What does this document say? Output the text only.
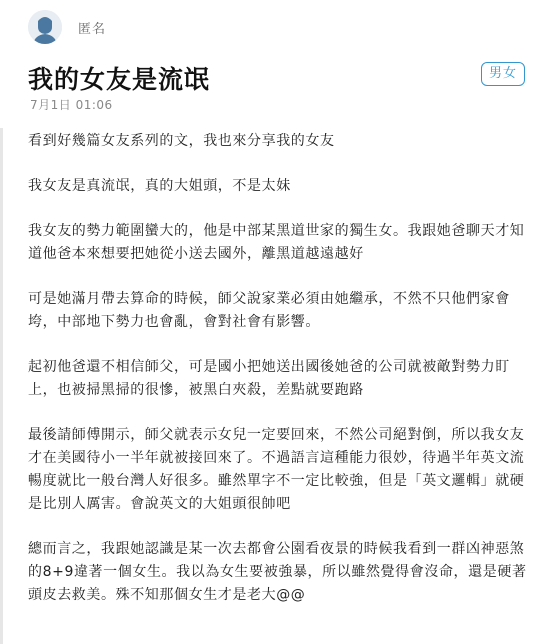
匿名
我的女友是流氓
7月1日 01:06
男女

看到好幾篇女友系列的文，我也來分享我的女友

我女友是真流氓，真的大姐頭，不是太妹

我女友的勢力範圍蠻大的，他是中部某黑道世家的獨生女。我跟她爸聊天才知道他爸本來想要把她從小送去國外，離黑道越遠越好

可是她滿月帶去算命的時候，師父說家業必須由她繼承，不然不只他們家會垮，中部地下勢力也會亂，會對社會有影響。

起初他爸還不相信師父，可是國小把她送出國後她爸的公司就被敵對勢力盯上，也被掃黑掃的很慘，被黑白夾殺，差點就要跑路

最後請師傅開示，師父就表示女兒一定要回來，不然公司絕對倒，所以我女友才在美國待小一半年就被接回來了。不過語言這種能力很妙，待過半年英文流暢度就比一般台灣人好很多。雖然單字不一定比較強，但是「英文邏輯」就硬是比別人厲害。會說英文的大姐頭很帥吧

總而言之，我跟她認識是某一次去都會公園看夜景的時候我看到一群凶神惡煞的8+9違著一個女生。我以為女生要被強暴，所以雖然覺得會沒命，還是硬著頭皮去救美。殊不知那個女生才是老大@@
